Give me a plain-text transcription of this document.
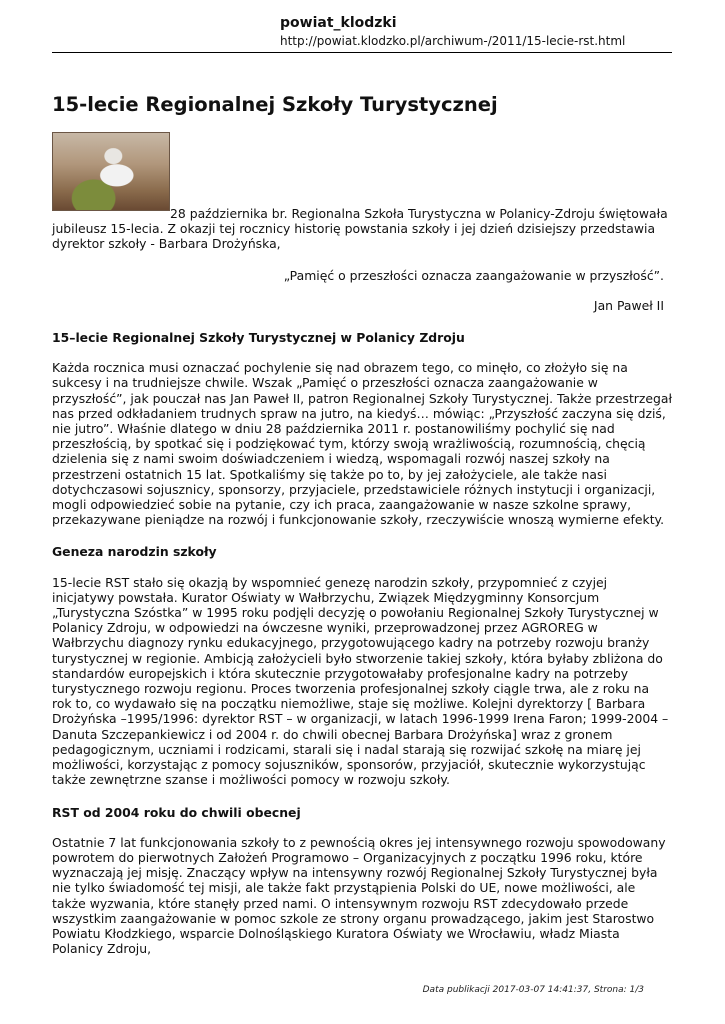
powiat_klodzki
http://powiat.klodzko.pl/archiwum-/2011/15-lecie-rst.html
15-lecie Regionalnej Szkoły Turystycznej

28 października br. Regionalna Szkoła Turystyczna w Polanicy-Zdroju świętowała jubileusz 15-lecia. Z okazji tej rocznicy historię powstania szkoły i jej dzień dzisiejszy przedstawia dyrektor szkoły - Barbara Drożyńska,

„Pamięć o przeszłości oznacza zaangażowanie w przyszłość”.

Jan Paweł II

15–lecie Regionalnej Szkoły Turystycznej w Polanicy Zdroju

Każda rocznica musi oznaczać pochylenie się nad obrazem tego, co minęło, co złożyło się na sukcesy i na trudniejsze chwile. Wszak „Pamięć o przeszłości oznacza zaangażowanie w przyszłość”, jak pouczał nas Jan Paweł II, patron Regionalnej Szkoły Turystycznej. Także przestrzegał nas przed odkładaniem trudnych spraw na jutro, na kiedyś… mówiąc: „Przyszłość zaczyna się dziś, nie jutro”. Właśnie dlatego w dniu 28 października 2011 r. postanowiliśmy pochylić się nad przeszłością, by spotkać się i podziękować tym, którzy swoją wrażliwością, rozumnością, chęcią dzielenia się z nami swoim doświadczeniem i wiedzą, wspomagali rozwój naszej szkoły na przestrzeni ostatnich 15 lat. Spotkaliśmy się także po to, by jej założyciele, ale także nasi dotychczasowi sojusznicy, sponsorzy, przyjaciele, przedstawiciele różnych instytucji i organizacji, mogli odpowiedzieć sobie na pytanie, czy ich praca, zaangażowanie w nasze szkolne sprawy, przekazywane pieniądze na rozwój i funkcjonowanie szkoły, rzeczywiście wnoszą wymierne efekty.

Geneza narodzin szkoły

15-lecie RST stało się okazją by wspomnieć genezę narodzin szkoły, przypomnieć z czyjej inicjatywy powstała. Kurator Oświaty w Wałbrzychu, Związek Międzygminny Konsorcjum „Turystyczna Szóstka” w 1995 roku podjęli decyzję o powołaniu Regionalnej Szkoły Turystycznej w Polanicy Zdroju, w odpowiedzi na ówczesne wyniki, przeprowadzonej przez AGROREG w Wałbrzychu diagnozy rynku edukacyjnego, przygotowującego kadry na potrzeby rozwoju branży turystycznej w regionie. Ambicją założycieli było stworzenie takiej szkoły, która byłaby zbliżona do standardów europejskich i która skutecznie przygotowałaby profesjonalne kadry na potrzeby turystycznego rozwoju regionu. Proces tworzenia profesjonalnej szkoły ciągle trwa, ale z roku na rok to, co wydawało się na początku niemożliwe, staje się możliwe. Kolejni dyrektorzy [ Barbara Drożyńska –1995/1996: dyrektor RST – w organizacji, w latach 1996-1999 Irena Faron; 1999-2004 – Danuta Szczepankiewicz i od 2004 r. do chwili obecnej Barbara Drożyńska] wraz z gronem pedagogicznym, uczniami i rodzicami, starali się i nadal starają się rozwijać szkołę na miarę jej możliwości, korzystając z pomocy sojuszników, sponsorów, przyjaciół, skutecznie wykorzystując także zewnętrzne szanse i możliwości pomocy w rozwoju szkoły.

RST od 2004 roku do chwili obecnej

Ostatnie 7 lat funkcjonowania szkoły to z pewnością okres jej intensywnego rozwoju spowodowany powrotem do pierwotnych Założeń Programowo – Organizacyjnych z początku 1996 roku, które wyznaczają jej misję. Znaczący wpływ na intensywny rozwój Regionalnej Szkoły Turystycznej była nie tylko świadomość tej misji, ale także fakt przystąpienia Polski do UE, nowe możliwości, ale także wyzwania, które stanęły przed nami. O intensywnym rozwoju RST zdecydowało przede wszystkim zaangażowanie w pomoc szkole ze strony organu prowadzącego, jakim jest Starostwo Powiatu Kłodzkiego, wsparcie Dolnośląskiego Kuratora Oświaty we Wrocławiu, władz Miasta Polanicy Zdroju,

Data publikacji 2017-03-07 14:41:37, Strona: 1/3
